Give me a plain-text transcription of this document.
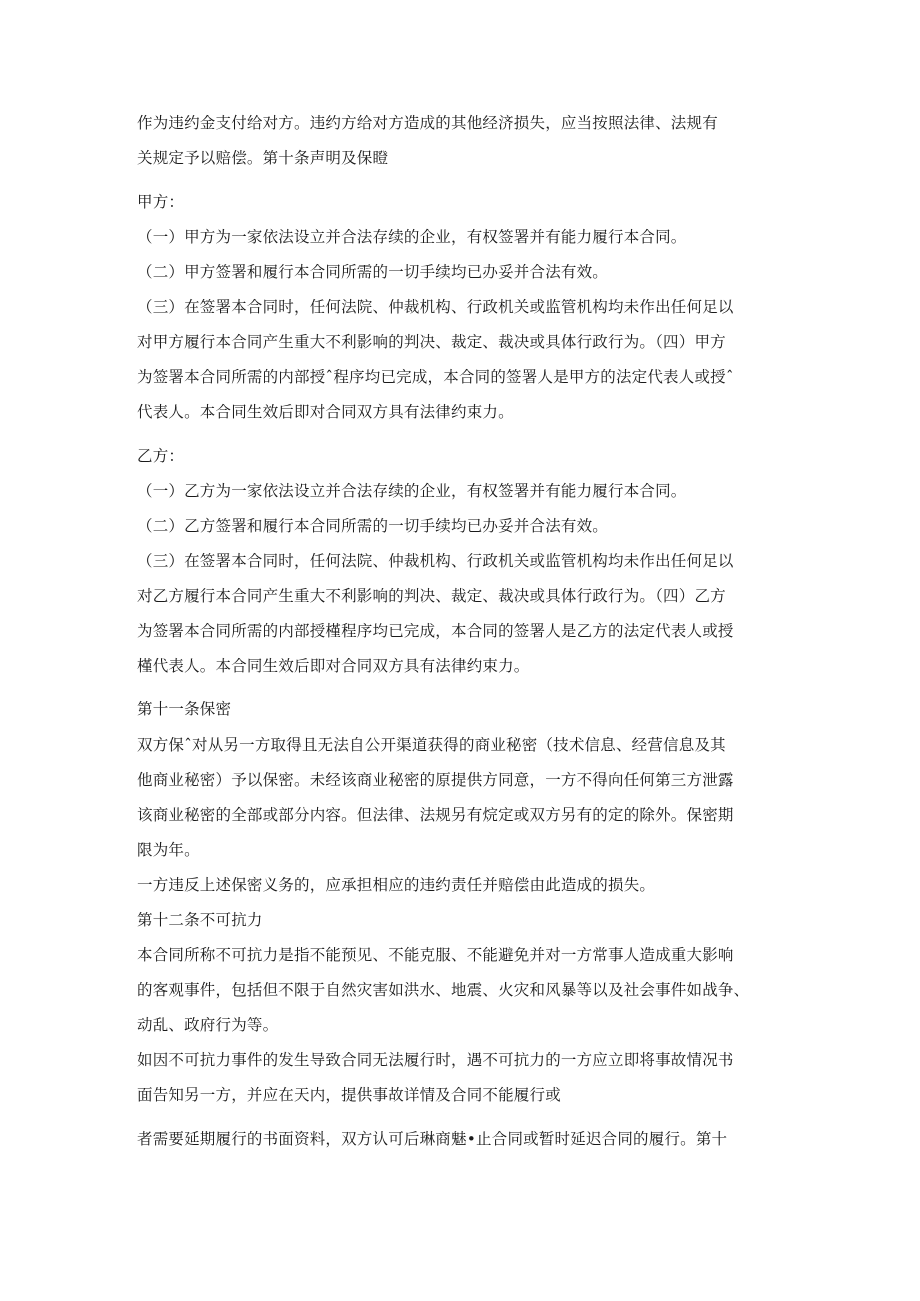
作为违约金支付给对方。违约方给对方造成的其他经济损失，应当按照法律、法规有
关规定予以赔偿。第十条声明及保瞪
甲方：
（一）甲方为一家依法设立并合法存续的企业，有权签署并有能力履行本合同。
（二）甲方签署和履行本合同所需的一切手续均已办妥并合法有效。
（三）在签署本合同时，任何法院、仲裁机构、行政机关或监管机构均未作出任何足以
对甲方履行本合同产生重大不利影响的判决、裁定、裁决或具体行政行为。（四）甲方
为签署本合同所需的内部授ˆ程序均已完成，本合同的签署人是甲方的法定代表人或授ˆ
代表人。本合同生效后即对合同双方具有法律约束力。
乙方：
（一）乙方为一家依法设立并合法存续的企业，有权签署并有能力履行本合同。
（二）乙方签署和履行本合同所需的一切手续均已办妥并合法有效。
（三）在签署本合同时，任何法院、仲裁机构、行政机关或监管机构均未作出任何足以
对乙方履行本合同产生重大不利影响的判决、裁定、裁决或具体行政行为。（四）乙方
为签署本合同所需的内部授槿程序均已完成，本合同的签署人是乙方的法定代表人或授
槿代表人。本合同生效后即对合同双方具有法律约束力。
第十一条保密
双方保ˆ对从另一方取得且无法自公开渠道获得的商业秘密（技术信息、经营信息及其
他商业秘密）予以保密。未经该商业秘密的原提供方同意，一方不得向任何第三方泄露
该商业秘密的全部或部分内容。但法律、法规另有烷定或双方另有的定的除外。保密期
限为年。
一方违反上述保密义务的，应承担相应的违约责任并赔偿由此造成的损失。
第十二条不可抗力
本合同所称不可抗力是指不能预见、不能克服、不能避免并对一方常事人造成重大影响
的客观事件，包括但不限于自然灾害如洪水、地震、火灾和风暴等以及社会事件如战争、
动乱、政府行为等。
如因不可抗力事件的发生导致合同无法履行时，遇不可抗力的一方应立即将事故情况书
面告知另一方，并应在天内，提供事故详情及合同不能履行或
者需要延期履行的书面资料，双方认可后琳商魅•止合同或暂时延迟合同的履行。第十
